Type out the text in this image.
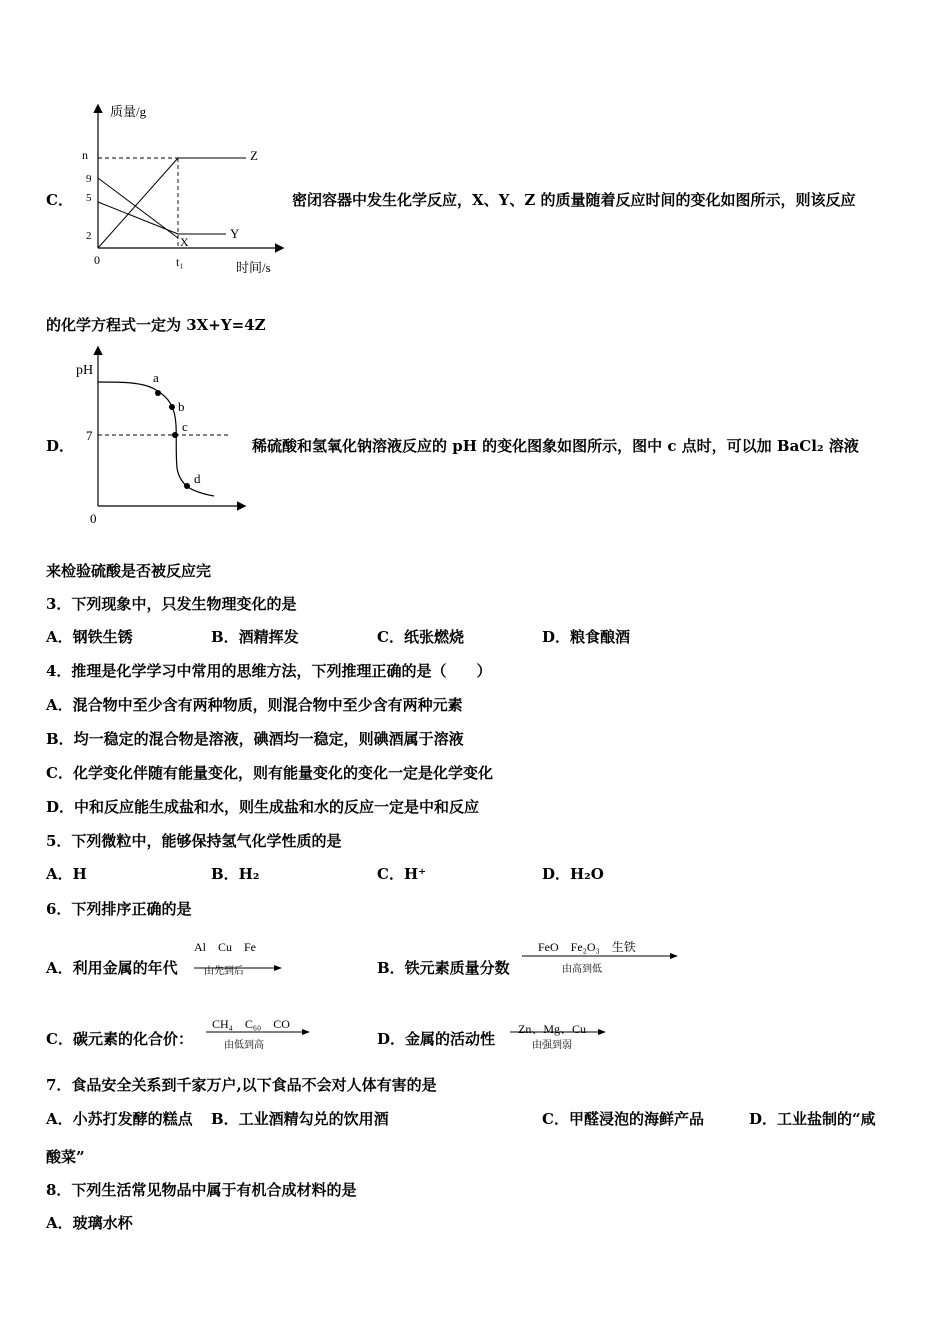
C．
质量/g
时间/s
n
9
5
2
0	t₁
Z
Y
X
密闭容器中发生化学反应，X、Y、Z 的质量随着反应时间的变化如图所示，则该反应
的化学方程式一定为 3X+Y=4Z
D．
pH
7
0
a
b
c
d
稀硫酸和氢氧化钠溶液反应的 pH 的变化图象如图所示，图中 c 点时，可以加 BaCl₂ 溶液
来检验硫酸是否被反应完
3．下列现象中，只发生物理变化的是
A．钢铁生锈	B．酒精挥发	C．纸张燃烧	D．粮食酿酒
4．推理是化学学习中常用的思维方法，下列推理正确的是（　　）
A．混合物中至少含有两种物质，则混合物中至少含有两种元素
B．均一稳定的混合物是溶液，碘酒均一稳定，则碘酒属于溶液
C．化学变化伴随有能量变化，则有能量变化的变化一定是化学变化
D．中和反应能生成盐和水，则生成盐和水的反应一定是中和反应
5．下列微粒中，能够保持氢气化学性质的是
A．H	B．H₂	C．H⁺	D．H₂O
6．下列排序正确的是
A．利用金属的年代
Al　Cu　Fe
由先到后	B．铁元素质量分数
FeO　Fe₂O₃　生铁
由高到低
C．碳元素的化合价：
CH₄　C₆₀　CO
由低到高	D．金属的活动性
Zn、Mg、Cu
由强到弱
7．食品安全关系到千家万户,以下食品不会对人体有害的是
A．小苏打发酵的糕点 B．工业酒精勾兑的饮用酒	C．甲醛浸泡的海鲜产品	D．工业盐制的“咸
酸菜”
8．下列生活常见物品中属于有机合成材料的是
A．玻璃水杯
